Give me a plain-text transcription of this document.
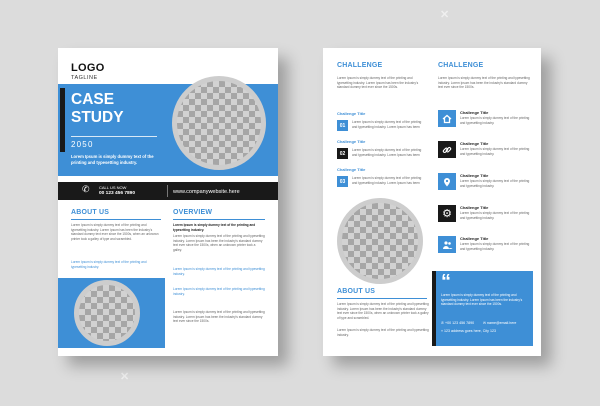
✕
✕
LOGO
TAGLINE
CASE
STUDY
2050
Lorem Ipsum is simply dummy text of the printing and typesetting industry.
✆ CALL US NOW
00 123 456 7890	www.companywebsite.here
ABOUT US
Lorem Ipsum is simply dummy text of the printing and typesetting industry. Lorem Ipsum has been the industry's standard dummy text ever since the 1500s, when an unknown printer took a galley of type and scrambled.
Lorem Ipsum is simply dummy text of the printing and typesetting industry.
OVERVIEW
Lorem Ipsum is simply dummy text of the printing and typesetting industry.
Lorem Ipsum is simply dummy text of the printing and typesetting industry. Lorem Ipsum has been the industry's standard dummy text ever since the 1500s, when an unknown printer took a galley.
Lorem Ipsum is simply dummy text of the printing and typesetting industry.
Lorem Ipsum is simply dummy text of the printing and typesetting industry.
Lorem Ipsum is simply dummy text of the printing and typesetting industry. Lorem Ipsum has been the industry's standard dummy text ever since the 1500s.
CHALLENGE
Lorem Ipsum is simply dummy text of the printing and typesetting industry. Lorem Ipsum has been the industry's standard dummy text ever since the 1500s.
Challenge Title
01
Lorem Ipsum is simply dummy text of the printing and typesetting industry. Lorem Ipsum has been
Challenge Title
02
Lorem Ipsum is simply dummy text of the printing and typesetting industry. Lorem Ipsum has been
Challenge Title
03
Lorem Ipsum is simply dummy text of the printing and typesetting industry. Lorem Ipsum has been
ABOUT US
Lorem Ipsum is simply dummy text of the printing and typesetting industry. Lorem Ipsum has been the industry's standard dummy text ever since the 1500s, when an unknown printer took a galley of type and scrambled.
Lorem Ipsum is simply dummy text of the printing and typesetting industry.
CHALLENGE
Lorem Ipsum is simply dummy text of the printing and typesetting industry. Lorem Ipsum has been the industry's standard dummy text ever since the 1500s.
Challenge Title
Lorem Ipsum is simply dummy text of the printing and typesetting industry.
Challenge Title
Lorem Ipsum is simply dummy text of the printing and typesetting industry.
Challenge Title
Lorem Ipsum is simply dummy text of the printing and typesetting industry.
⚙
Challenge Title
Lorem Ipsum is simply dummy text of the printing and typesetting industry.
Challenge Title
Lorem Ipsum is simply dummy text of the printing and typesetting industry.
“
Lorem Ipsum is simply dummy text of the printing and typesetting industry. Lorem Ipsum has been the industry's standard dummy text ever since the 1500s.
✆ +00 123 456 7890 ✉ name@email.here
⌖ 123 address goes here, City 123
